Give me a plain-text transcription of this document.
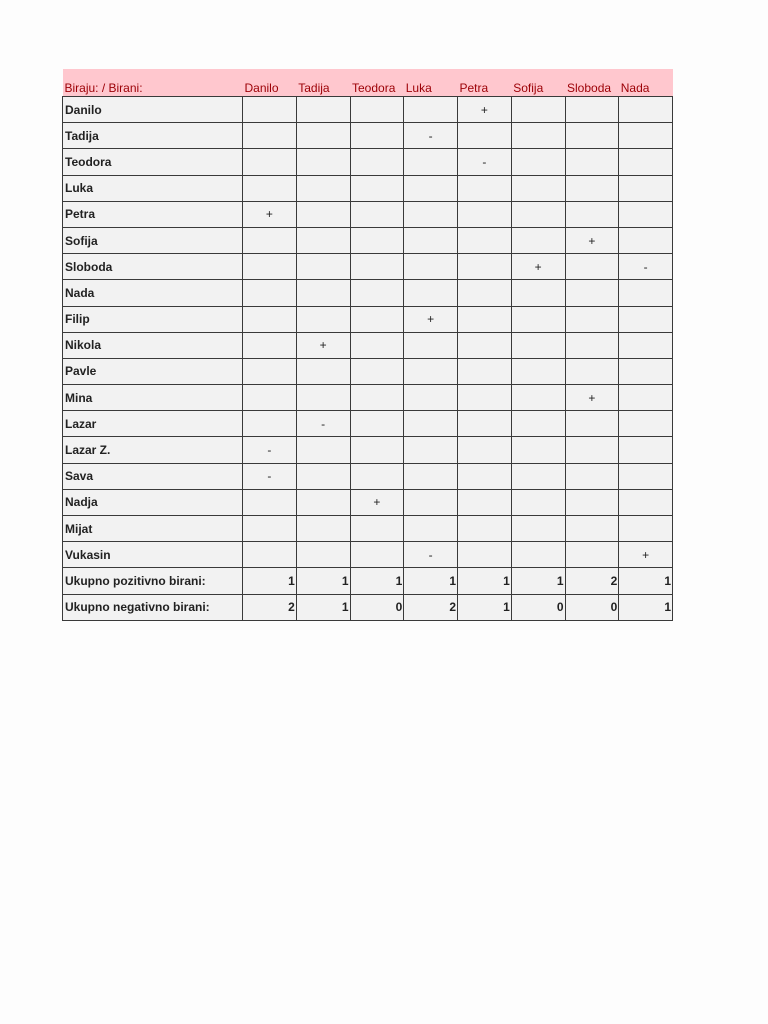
Biraju: / Birani:	Danilo	Tadija	Teodora	Luka	Petra	Sofija	Sloboda	Nada
Danilo					+			
Tadija				-				
Teodora					-			
Luka								
Petra	+							
Sofija							+	
Sloboda						+		-
Nada								
Filip				+				
Nikola		+						
Pavle								
Mina							+	
Lazar		-						
Lazar Z.	-							
Sava	-							
Nadja			+					
Mijat								
Vukasin				-				+
Ukupno pozitivno birani:	1	1	1	1	1	1	2	1
Ukupno negativno birani:	2	1	0	2	1	0	0	1
